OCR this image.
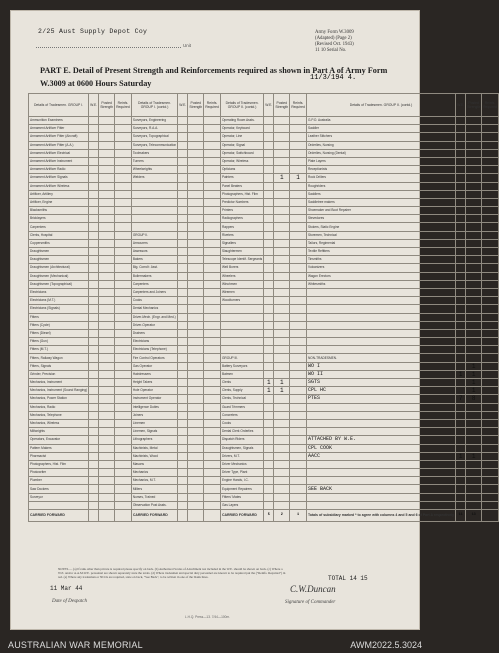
2/25 Aust Supply Depot Coy
Unit
Army Form W.3009
(Adapted) (Page 2)
(Revised Oct. 1943)
11 10 Serial No.
PART E. Detail of Present Strength and Reinforcements required as shown in Part A of Army Form W.3009 at 0600 Hours Saturday
11/3/194 4.
Details of Tradesmen. GROUP I.	W.E.	Posted Strength	Reinfs. Required	Details of Tradesmen. GROUP I. (contd.)	W.E.	Posted Strength	Reinfs. Required	Details of Tradesmen. GROUP II. (contd.)	W.E.	Posted Strength	Reinfs. Required	Details of Tradesmen. GROUP II. (contd.)	W.E.	Posted Strength	Reinfs. Required
Ammunition Examiners				Surveyors, Engineering				Operating Room Assts.				G.P.O. Australia			
Armament Artificer Fitter				Surveyors, R.A.A.				Operator, Keyboard				Saddler			
Armament Artificer Fitter (Aircraft)				Surveyors, Topographical				Operator, Line				Leather Stitchers			
Armament Artificer Fitter (A.A.)				Surveyors, Telecommunication				Operator, Signal				Orderlies, Nursing			
Armament Artificer Electrical				Toolmakers				Operator, Switchboard				Orderlies, Nursing (Dental)			
Armament Artificer Instrument				Turners				Operator, Wireless				Plate Layers			
Armament Artificer Radio				Wheelwrights				Opticians				Receptionists			
Armament Artificer Signals				Welders				Painters		1	1	Rock Drillers			
Armament Artificer Wireless								Panel Beaters				Roughriders			
Artificer, Artillery								Photographers, Hist. Film				Saddlers			
Artificer, Engine								Predictor Numbers				Saddletree makers			
Blacksmiths								Printers				Shoemaker and Boot Repairer			
Bricklayers								Radiographers				Stevedores			
Carpenters								Rappers				Stokers, Static Engine			
Clerks, Hospital				GROUP II.				Riveters				Storemen, Technical			
Coppersmiths				Armourers				Signallers				Tailors, Regimental			
Draughtsmen				Assessors				Slaughtermen				Textile Refitters			
Draughtsmen				Bakers				Telescope Identif. Sergeants				Tinsmiths			
Draughtsmen (Architectural)				Big. Comd'r. Asst.				Well Borers				Vulcanizers			
Draughtsmen (Mechanical)				Boilermakers				Wheelers				Wagon Erectors			
Draughtsmen (Topographical)				Carpenters				Winchmen				Whitesmiths			
Electricians				Carpenters and Joiners				Wiremen							
Electricians (M.T.)				Cooks				Woodturners							
Electricians (Signals)				Dental Mechanics											
Fitters				Driver-Mech. (Engr. and Med.)											
Fitters (Cycle)				Driver-Operator											
Fitters (Diesel)				Drainers											
Fitters (Gun)				Electricians											
Fitters (M.T.)				Electricians (Telephone)											
Fitters, Railway Wagon				Fire Control Operators				GROUP III.				NON-TRADESMEN.			
Fitters, Signals				Gas Operator				Battery Surveyors				WO I		1	
Grinder, Precision				Hairdressers				Batmen				WO II	1	1	
Mechanics, Instrument				Height Takers				Clerks	1	1		SGTS		1	
Mechanics, Instrument (Sound Ranging)				Hole Operator				Clerks, Supply	1	1		CPL HC		1	
Mechanics, Power Station				Instrument Operator				Clerks, Technical				PTES	7	8	
Mechanics, Radio				Intelligence Duties				Guard Trimmers							
Mechanics, Telephone				Joiners				Concreters							
Mechanics, Wireless				Linemen				Cooks							
Millwrights				Linemen, Signals				Dental Clerk Orderlies							
Operators, Excavator				Lithographers				Dispatch Riders				ATTACHED BY W.E.			
Pattern Makers				Machinists, Metal				Draughtsmen, Signals				CPL COOK			
Pharmacist				Machinists, Wood				Drivers, M.T.				AACC	1	1	
Photographers, Hist. Film				Masons				Driver Mechanics							
Photowriter				Mechanics				Driver Type, Plant							
Plumber				Mechanics, M.T.				Engine Hands, I.C.							
Saw Dockers				Millers				Equipment Repairers				SEE BACK			
Surveyor				Nurses, Trained				Fitters' Mates							
				Observation Post Assts.				Gas Layers							
CARRIED FORWARD				CARRIED FORWARD				CARRIED FORWARD	5	2	1	Totals of subsidiary marked * to agree with columns 4 and 5 and 6 of Part A respectively	11	13	
NOTES.— (a) If rank other than private is required please specify on back. (b) Authorized Scales of Attachment not included in the W.E. should be shown on back. (c) Where a W.E. and/or A.A.M.W.E. personnel are shown separately state the totals. (d) Where tradesmen and special duty personnel are known to be required put the ("Reinfs. Required") in red. (e) Where any tradesmen or NCOs are required, state on back, "See Back", to be written in one of the blank lines.	TOTAL 14 15
11 Mar 44
Date of Despatch
C.W.Duncan
Signature of Commander
L.H.Q. Press—13. 7/44—100m.
AUSTRALIAN WAR MEMORIAL	AWM2022.5.3024
